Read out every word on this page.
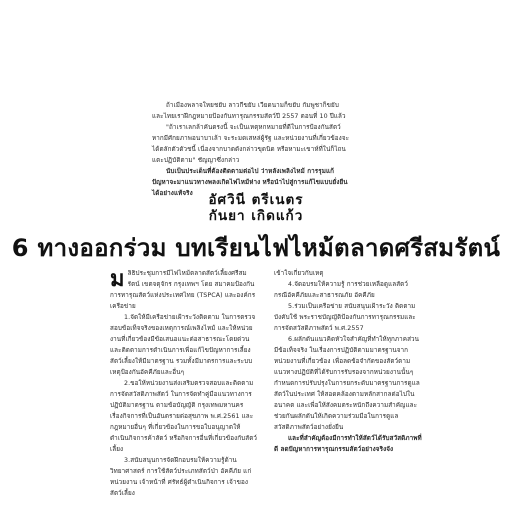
ถ้าเมืองพลาจใหยชยับ ลาวกีขยับ เวียดนามก็ขยับ กัมพูชาก็ขยับ และไทยเราฝีกฎหมายป้องกันทารุณกรรมสัตว์ปี 2557 ตอนที่ 10 ปีแล้ว

"ถ้าเราเลกล้าคันตรงนี้ จะเป็นเหตุหกหมายที่ดีในการป้องกันสัตว์ หากมีศักยภาพอนาบาเล้า จะระมดเสหล่ผู้รัฐ และหน่วยงานที่เกี่ยวข้องจะได้ตลักตัวดัวชนี้ เนื่องจากบาดดังกล่าวขุดนิด หรือหามะเขาห์ที่ใน่ก็ไถนแตะปฏิบัติตาม" ชัญญาซึ่งกล่าว

นับเป็นประเด็นที่ต้องติดตามต่อไป ว่าหลังเพลิงไหม้ การรุมแก้ปัญหาจะมาแนวทางพลงเกิดไฟไหม้ห่าง หรือนำไปสู่การแก้ไขแบบยั่งยืนได้อย่างแท้จริง	อัศวินี ตรีเนตร
กันยา เกิดแก้ว
6 ทางออกร่วม บทเรียนไฟไหม้ตลาดศรีสมรัตน์

มลิธิประชุมการมีไฟไหม้ตลาดสัตว์เลี้ยงศรีสมรัตน์ เขตจตุจักร กรุงเทพฯ โดย สมาคมป้องกันการทารุณสัตว์แห่งประเทศไทย (TSPCA) และองค์กรเครือข่าย

1.จัดให้มีเครือข่ายเฝ้าระวังติดตาม ในการตรวจสอบข้อเท็จจริงของเหตุการณ์เพลิงไหม้ และให้หน่วยงานที่เกี่ยวข้องมีข้อเสนอแนะต่อสาธารณะโดยด่วน และติดตามการดำเนินการเพื่อแก้ไขปัญหาการเลี้ยงสัตว์เลี้ยงให้มีมาตรฐาน รวมทั้งมีมาตรการและระบบเหตุป้องกันอัคคีภัยและอื่นๆ

2.ขอให้หน่วยงานส่งเสริมตรวจสอบและติดตามการจัดสวัสดิภาพสัตว์ ในการจัดทำคู่มือแนวทางการปฏิบัติมาตรฐาน ตามข้อบัญญัติ กรุงเทพมหานคร เรื่องกิจการที่เป็นอันตรายต่อสุขภาพ พ.ศ.2561 และกฎหมายอื่นๆ ที่เกี่ยวข้องในการขอใบอนุญาตให้ดำเนินกิจการค้าสัตว์ หรือกิจการอื่นที่เกี่ยวข้องกับสัตว์เลี้ยง

3.สนับสนุนการจัดฝึกอบรมให้ความรู้ด้านวิทยาศาสตร์ การใช้สัตว์ประเภทสัตว์ป่า อัคคีภัย แก่หน่วยงาน เจ้าหน้าที่ ศรัทธ์ผู้ดำเนินกิจการ เจ้าของสัตว์เลี้ยง

เข้าใจเกี่ยวกับเหตุ

4.จัดอบรมให้ความรู้ การช่วยเหลือดูแลสัตว์ กรณีอัคคีภัยและสาธารณภัย อัคคีภัย

5.ร่วมเป็นเครือข่าย สนับสนุนเฝ้าระวัง ติดตาม บังคับใช้ พระราชบัญญัติป้องกันการทารุณกรรมและการจัดสวัสดิภาพสัตว์ พ.ศ.2557

6.ผลักดันแนวคิดหัวใจสำคัญที่ทำให้ทุกภาคส่วนมีข้อเท็จจริง ในเรื่องการปฏิบัติตามมาตรฐานจากหน่วยงานที่เกี่ยวข้อง เพื่อลดข้อจำกัดของสัตว์ตามแนวทางปฏิบัติที่ได้รับการรับรองจากหน่วยงานนั้นๆ กำหนดการปรับปรุงในการยกระดับมาตรฐานการดูแลสัตว์ในประเทศ ให้สอดคล้องตามหลักสากลต่อไปในอนาคต และเพื่อให้สังคมตระหนักถึงความสำคัญและช่วยกันผลักดันให้เกิดความร่วมมือในการดูแลสวัสดิภาพสัตว์อย่างยั่งยืน

และที่สำคัญต้องมีการทำให้สัตว์ได้รับสวัสดิภาพที่ดี ลดปัญหาการทารุณกรรมสัตว์อย่างจริงจัง
